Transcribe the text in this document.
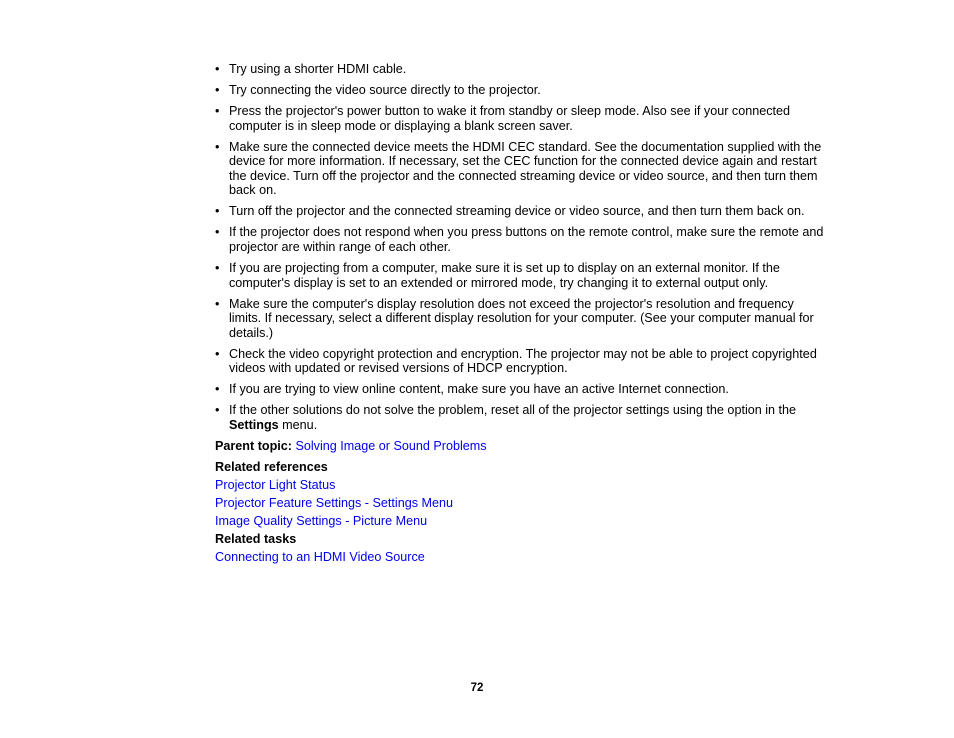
• Try using a shorter HDMI cable.
• Try connecting the video source directly to the projector.
• Press the projector's power button to wake it from standby or sleep mode. Also see if your connected computer is in sleep mode or displaying a blank screen saver.
• Make sure the connected device meets the HDMI CEC standard. See the documentation supplied with the device for more information. If necessary, set the CEC function for the connected device again and restart the device. Turn off the projector and the connected streaming device or video source, and then turn them back on.
• Turn off the projector and the connected streaming device or video source, and then turn them back on.
• If the projector does not respond when you press buttons on the remote control, make sure the remote and projector are within range of each other.
• If you are projecting from a computer, make sure it is set up to display on an external monitor. If the computer's display is set to an extended or mirrored mode, try changing it to external output only.
• Make sure the computer's display resolution does not exceed the projector's resolution and frequency limits. If necessary, select a different display resolution for your computer. (See your computer manual for details.)
• Check the video copyright protection and encryption. The projector may not be able to project copyrighted videos with updated or revised versions of HDCP encryption.
• If you are trying to view online content, make sure you have an active Internet connection.
• If the other solutions do not solve the problem, reset all of the projector settings using the option in the Settings menu.
Parent topic: Solving Image or Sound Problems
Related references
Projector Light Status
Projector Feature Settings - Settings Menu
Image Quality Settings - Picture Menu
Related tasks
Connecting to an HDMI Video Source
72
